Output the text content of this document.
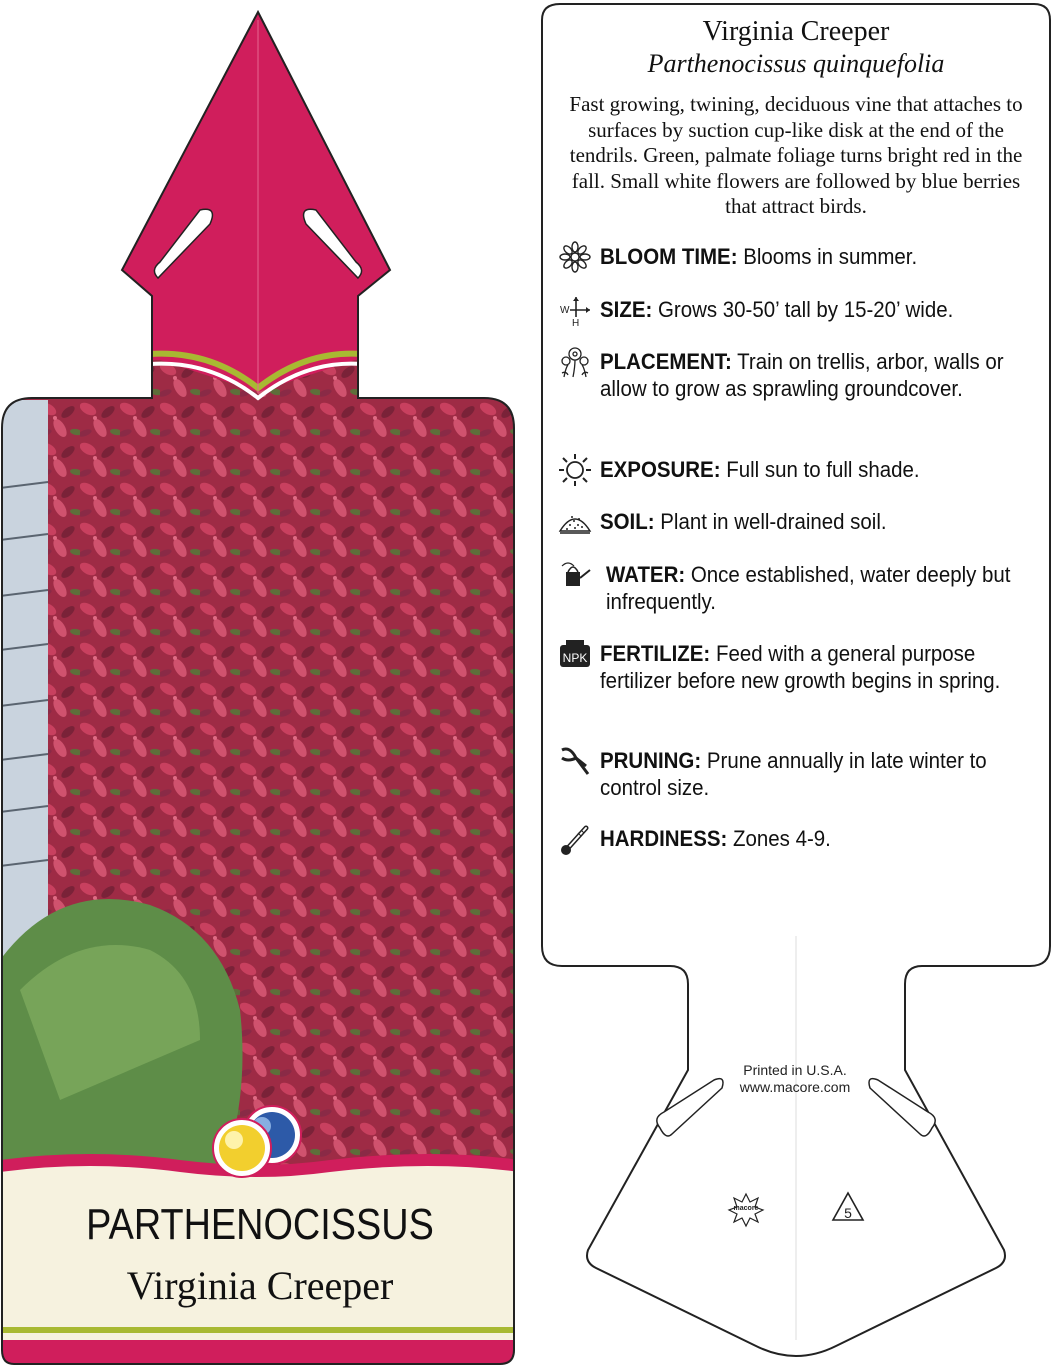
PARTHENOCISSUS
Virginia Creeper
Virginia Creeper
Parthenocissus quinquefolia
Fast growing, twining, deciduous vine that attaches to surfaces by suction cup-like disk at the end of the tendrils. Green, palmate foliage turns bright red in the fall. Small white flowers are followed by blue berries that attract birds.
BLOOM TIME: Blooms in summer.
W
H
SIZE: Grows 30-50’ tall by 15-20’ wide.
PLACEMENT: Train on trellis, arbor, walls or allow to grow as sprawling groundcover.
EXPOSURE: Full sun to full shade.
SOIL: Plant in well-drained soil.
WATER: Once established, water deeply but infrequently.
NPK FERTILIZE: Feed with a general purpose fertilizer before new growth begins in spring.
PRUNING: Prune annually in late winter to control size.
HARDINESS: Zones 4-9.
Printed in U.S.A.
www.macore.com
macore	5
